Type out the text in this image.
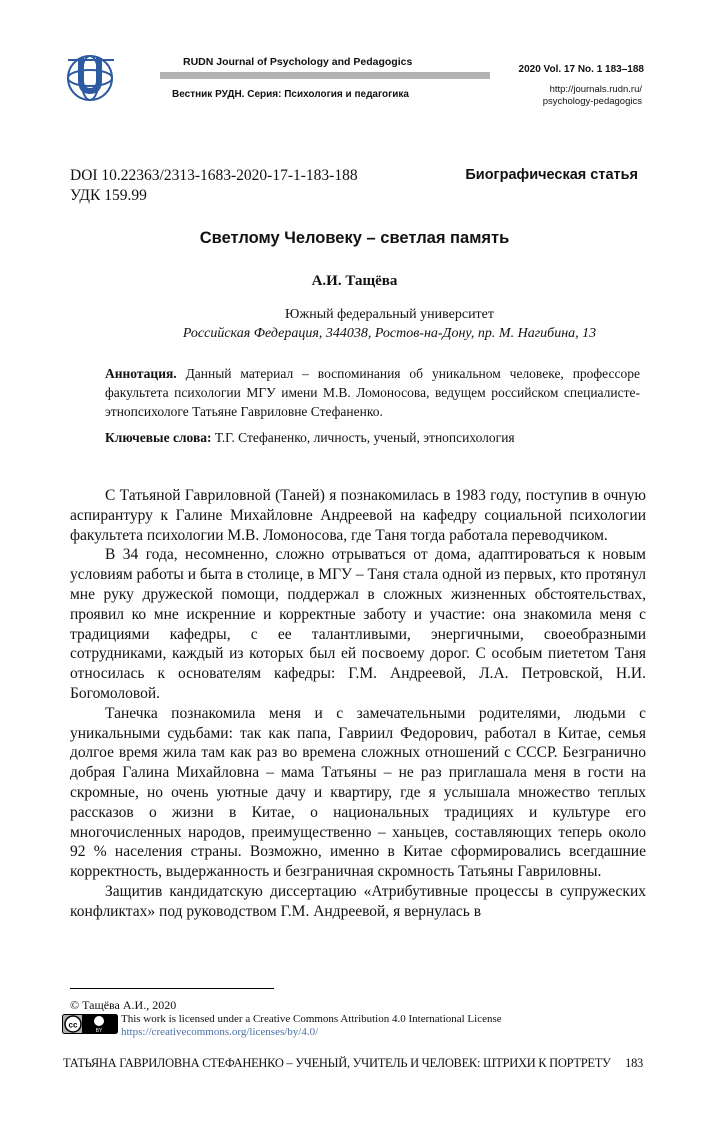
RUDN Journal of Psychology and Pedagogics
Вестник РУДН. Серия: Психология и педагогика
2020 Vol. 17 No. 1 183–188
http://journals.rudn.ru/
psychology-pedagogics
DOI 10.22363/2313-1683-2020-17-1-183-188
УДК 159.99
Биографическая статья
Светлому Человеку – светлая память
А.И. Тащёва
Южный федеральный университет
Российская Федерация, 344038, Ростов-на-Дону, пр. М. Нагибина, 13
Аннотация. Данный материал – воспоминания об уникальном человеке, профессоре факультета психологии МГУ имени М.В. Ломоносова, ведущем российском специалисте-этнопсихологе Татьяне Гавриловне Стефаненко.
Ключевые слова: Т.Г. Стефаненко, личность, ученый, этнопсихология

С Татьяной Гавриловной (Таней) я познакомилась в 1983 году, поступив в очную аспирантуру к Галине Михайловне Андреевой на кафедру социальной психологии факультета психологии М.В. Ломоносова, где Таня тогда работала переводчиком.

В 34 года, несомненно, сложно отрываться от дома, адаптироваться к новым условиям работы и быта в столице, в МГУ – Таня стала одной из первых, кто протянул мне руку дружеской помощи, поддержал в сложных жизненных обстоятельствах, проявил ко мне искренние и корректные заботу и участие: она знакомила меня с традициями кафедры, с ее талантливыми, энергичными, своеобразными сотрудниками, каждый из которых был ей посвоему дорог. С особым пиететом Таня относилась к основателям кафедры: Г.М. Андреевой, Л.А. Петровской, Н.И. Богомоловой.

Танечка познакомила меня и с замечательными родителями, людьми с уникальными судьбами: так как папа, Гавриил Федорович, работал в Китае, семья долгое время жила там как раз во времена сложных отношений с СССР. Безгранично добрая Галина Михайловна – мама Татьяны – не раз приглашала меня в гости на скромные, но очень уютные дачу и квартиру, где я услышала множество теплых рассказов о жизни в Китае, о национальных традициях и культуре его многочисленных народов, преимущественно – ханьцев, составляющих теперь около 92 % населения страны. Возможно, именно в Китае сформировались всегдашние корректность, выдержанность и безграничная скромность Татьяны Гавриловны.

Защитив кандидатскую диссертацию «Атрибутивные процессы в супружеских конфликтах» под руководством Г.М. Андреевой, я вернулась в

© Тащёва А.И., 2020
cc
BY
This work is licensed under a Creative Commons Attribution 4.0 International License
https://creativecommons.org/licenses/by/4.0/
ТАТЬЯНА ГАВРИЛОВНА СТЕФАНЕНКО – УЧЕНЫЙ, УЧИТЕЛЬ И ЧЕЛОВЕК: ШТРИХИ К ПОРТРЕТУ 183
